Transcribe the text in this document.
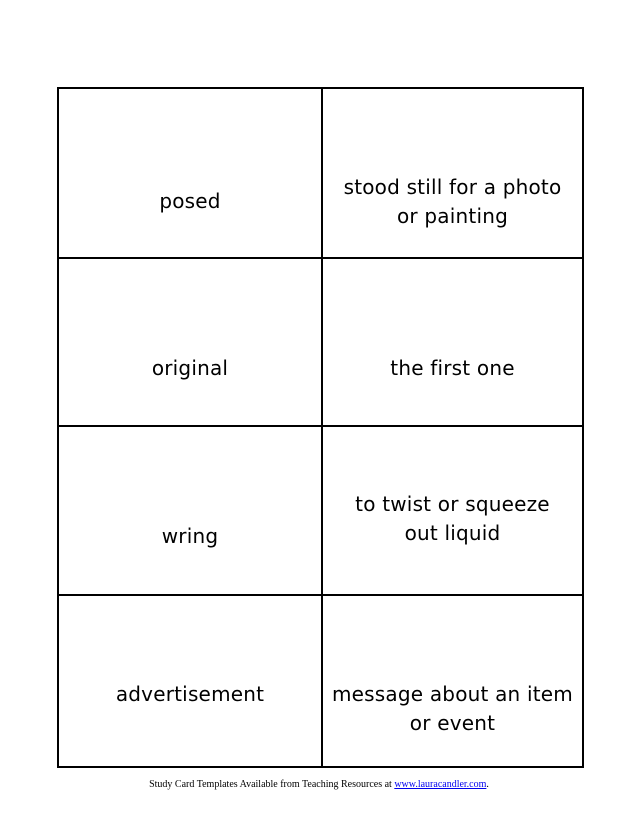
posed
stood still for a photo
or painting
original	the first one
wring
to twist or squeeze
out liquid
advertisement	message about an item
or event
Study Card Templates Available from Teaching Resources at www.lauracandler.com.
